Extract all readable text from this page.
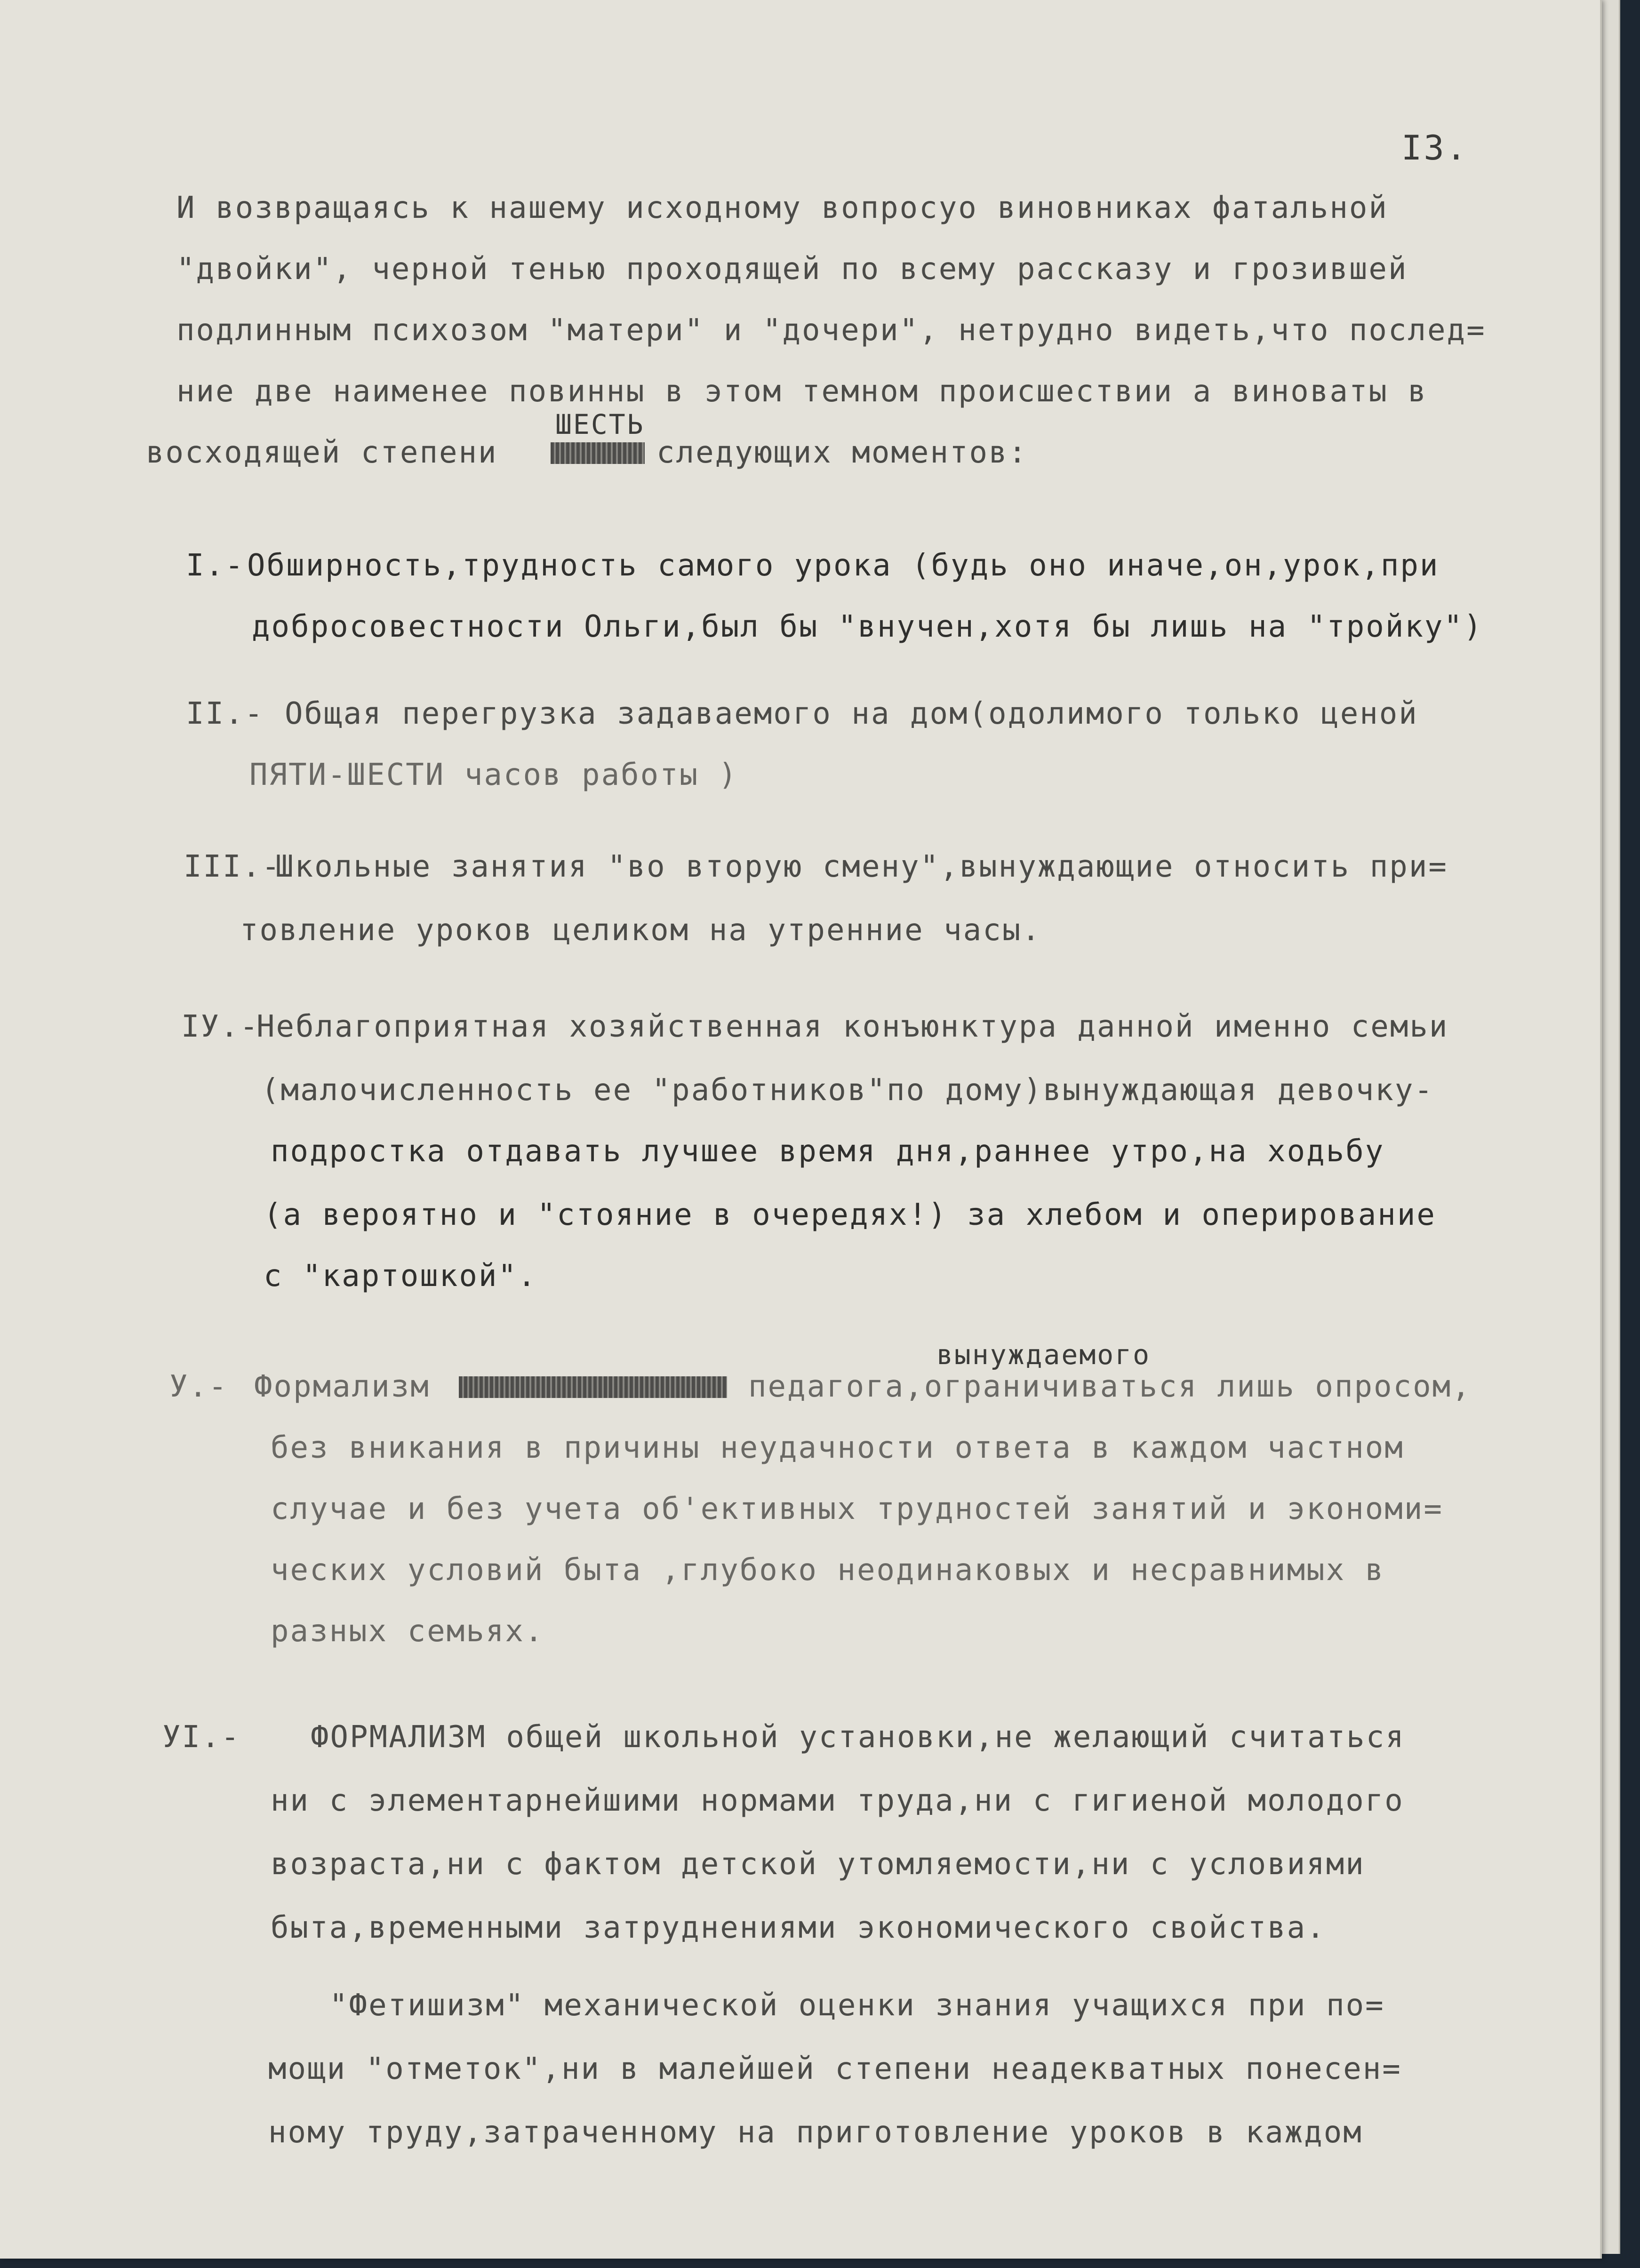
I3.
И возвращаясь к нашему исходному вопросуо виновниках фатальной
"двойки", черной тенью проходящей по всему рассказу и грозившей
подлинным психозом "матери" и "дочери", нетрудно видеть,что послед=
ние две наименее повинны в этом темном происшествии а виноваты в
ШЕСТЬ
восходящей степени	следующих моментов:
I.- Обширность,трудность самого урока (будь оно иначе,он,урок,при
добросовестности Ольги,был бы "внучен,хотя бы лишь на "тройку")
II.- Общая перегрузка задаваемого на дом(одолимого только ценой
ПЯТИ-ШЕСТИ часов работы )
III.-
Школьные занятия "во вторую смену",вынуждающие относить при=
товление уроков целиком на утренние часы.
IУ.-
Неблагоприятная хозяйственная конъюнктура данной именно семьи
(малочисленность ее "работников"по дому)вынуждающая девочку-
подростка отдавать лучшее время дня,раннее утро,на ходьбу
(а вероятно и "стояние в очередях!) за хлебом и оперирование
с "картошкой".
вынуждаемого
У.- Формализм	педагога,ограничиваться лишь опросом,
без вникания в причины неудачности ответа в каждом частном
случае и без учета об'ективных трудностей занятий и экономи=
ческих условий быта ,глубоко неодинаковых и несравнимых в
разных семьях.
УI.- ФОРМАЛИЗМ общей школьной установки,не желающий считаться
ни с элементарнейшими нормами труда,ни с гигиеной молодого
возраста,ни с фактом детской утомляемости,ни с условиями
быта,временными затруднениями экономического свойства.
"Фетишизм" механической оценки знания учащихся при по=
мощи "отметок",ни в малейшей степени неадекватных понесен=
ному труду,затраченному на приготовление уроков в каждом
